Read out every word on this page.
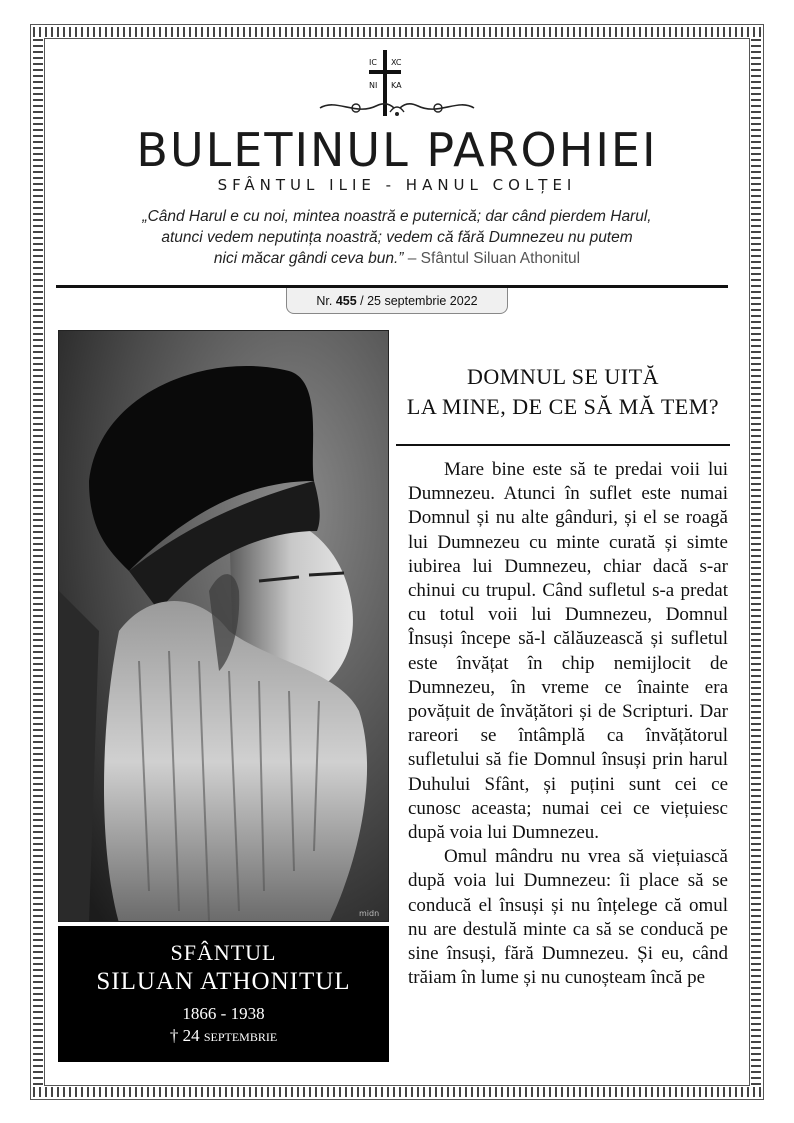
IC XC
NI KA
BULETINUL PAROHIEI
SFÂNTUL ILIE - HANUL COLȚEI
„Când Harul e cu noi, mintea noastră e puternică; dar când pierdem Harul,
atunci vedem neputința noastră; vedem că fără Dumnezeu nu putem
nici măcar gândi ceva bun.” – Sfântul Siluan Athonitul
Nr. 455 / 25 septembrie 2022
midn
SFÂNTUL
SILUAN ATHONITUL
1866 - 1938
† 24 septembrie
DOMNUL SE UITĂ
LA MINE, DE CE SĂ MĂ TEM?

Mare bine este să te predai voii lui Dumnezeu. Atunci în suflet este numai Domnul și nu alte gânduri, și el se roagă lui Dumnezeu cu minte curată și simte iubirea lui Dumnezeu, chiar dacă s-ar chinui cu trupul. Când sufletul s-a predat cu totul voii lui Dumnezeu, Domnul Însuși începe să-l călăuzească și sufletul este învățat în chip nemijlocit de Dumnezeu, în vreme ce înainte era povățuit de învățători și de Scripturi. Dar rareori se întâmplă ca învățătorul sufletului să fie Domnul însuși prin harul Duhului Sfânt, și puțini sunt cei ce cunosc aceasta; numai cei ce viețuiesc după voia lui Dumnezeu.

Omul mândru nu vrea să viețuiască după voia lui Dumnezeu: îi place să se conducă el însuși și nu înțelege că omul nu are destulă minte ca să se conducă pe sine însuși, fără Dumnezeu. Și eu, când trăiam în lume și nu cunoșteam încă pe
